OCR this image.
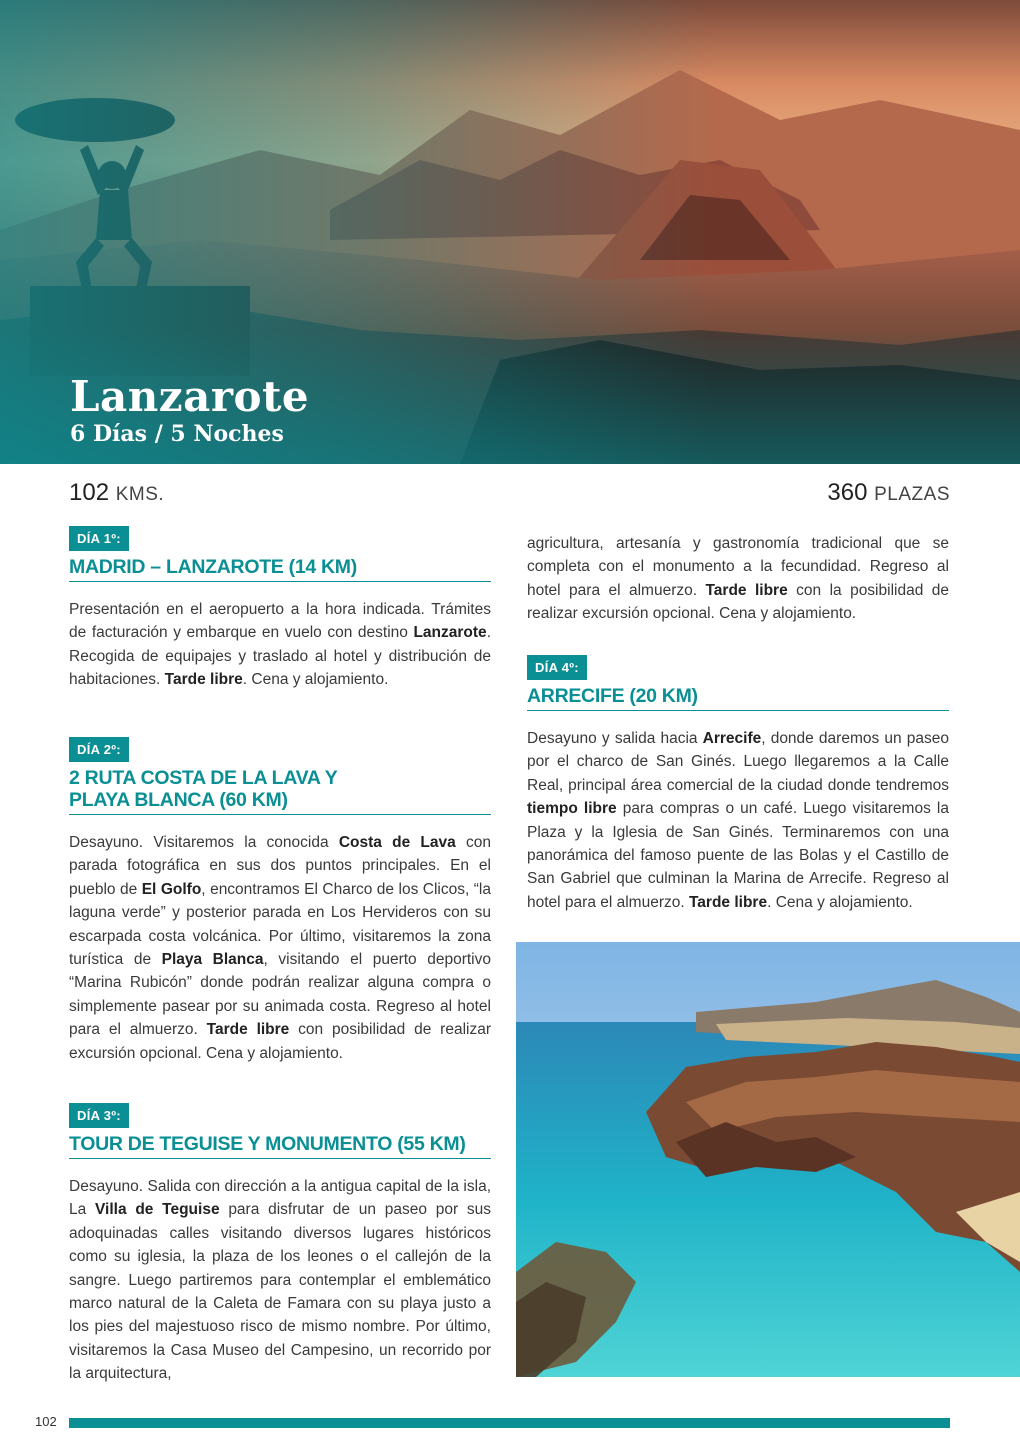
Lanzarote
6 Días / 5 Noches
102 KMS.	360 PLAZAS
DÍA 1º:
MADRID – LANZAROTE (14 KM)

Presentación en el aeropuerto a la hora indicada. Trámites de facturación y embarque en vuelo con destino Lanzarote. Recogida de equipajes y traslado al hotel y distribución de habitaciones. Tarde libre. Cena y alojamiento.

DÍA 2º:
2 RUTA COSTA DE LA LAVA Y PLAYA BLANCA (60 KM)

Desayuno. Visitaremos la conocida Costa de Lava con parada fotográfica en sus dos puntos principales. En el pueblo de El Golfo, encontramos El Charco de los Clicos, “la laguna verde” y posterior parada en Los Hervideros con su escarpada costa volcánica. Por último, visitaremos la zona turística de Playa Blanca, visitando el puerto deportivo “Marina Rubicón” donde podrán realizar alguna compra o simplemente pasear por su animada costa. Regreso al hotel para el almuerzo. Tarde libre con posibilidad de realizar excursión opcional. Cena y alojamiento.

DÍA 3º:
TOUR DE TEGUISE Y MONUMENTO (55 KM)

Desayuno. Salida con dirección a la antigua capital de la isla, La Villa de Teguise para disfrutar de un paseo por sus adoquinadas calles visitando diversos lugares históricos como su iglesia, la plaza de los leones o el callejón de la sangre. Luego partiremos para contemplar el emblemático marco natural de la Caleta de Famara con su playa justo a los pies del majestuoso risco de mismo nombre. Por último, visitaremos la Casa Museo del Campesino, un recorrido por la arquitectura,

agricultura, artesanía y gastronomía tradicional que se completa con el monumento a la fecundidad. Regreso al hotel para el almuerzo. Tarde libre con la posibilidad de realizar excursión opcional. Cena y alojamiento.

DÍA 4º:
ARRECIFE (20 KM)

Desayuno y salida hacia Arrecife, donde daremos un paseo por el charco de San Ginés. Luego llegaremos a la Calle Real, principal área comercial de la ciudad donde tendremos tiempo libre para compras o un café. Luego visitaremos la Plaza y la Iglesia de San Ginés. Terminaremos con una panorámica del famoso puente de las Bolas y el Castillo de San Gabriel que culminan la Marina de Arrecife. Regreso al hotel para el almuerzo. Tarde libre. Cena y alojamiento.

102
